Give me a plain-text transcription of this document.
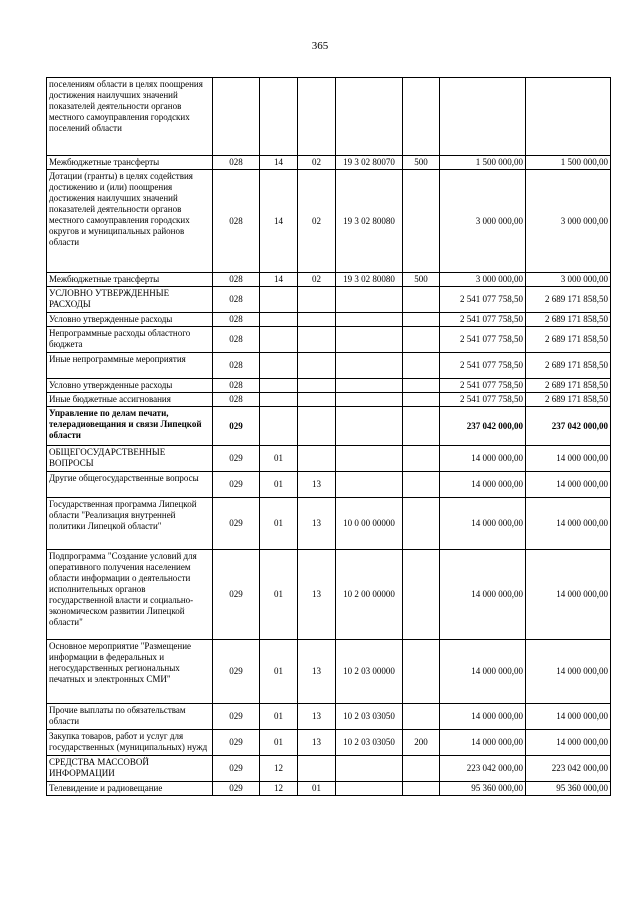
365
поселениям области в целях поощрения достижения наилучших значений показателей деятельности органов местного самоуправления городских поселений области							
Межбюджетные трансферты	028	14	02	19 3 02 80070	500	1 500 000,00	1 500 000,00
Дотации (гранты) в целях содействия достижению и (или) поощрения достижения наилучших значений показателей деятельности органов местного самоуправления городских округов и муниципальных районов области	028	14	02	19 3 02 80080		3 000 000,00	3 000 000,00
Межбюджетные трансферты	028	14	02	19 3 02 80080	500	3 000 000,00	3 000 000,00
УСЛОВНО УТВЕРЖДЕННЫЕ РАСХОДЫ	028					2 541 077 758,50	2 689 171 858,50
Условно утвержденные расходы	028					2 541 077 758,50	2 689 171 858,50
Непрограммные расходы областного бюджета	028					2 541 077 758,50	2 689 171 858,50
Иные непрограммные мероприятия	028					2 541 077 758,50	2 689 171 858,50
Условно утвержденные расходы	028					2 541 077 758,50	2 689 171 858,50
Иные бюджетные ассигнования	028					2 541 077 758,50	2 689 171 858,50
Управление по делам печати, телерадиовещания и связи Липецкой области	029					237 042 000,00	237 042 000,00
ОБЩЕГОСУДАРСТВЕННЫЕ ВОПРОСЫ	029	01				14 000 000,00	14 000 000,00
Другие общегосударственные вопросы	029	01	13			14 000 000,00	14 000 000,00
Государственная программа Липецкой области "Реализация внутренней политики Липецкой области"	029	01	13	10 0 00 00000		14 000 000,00	14 000 000,00
Подпрограмма "Создание условий для оперативного получения населением области информации о деятельности исполнительных органов государственной власти и социально-экономическом развитии Липецкой области"	029	01	13	10 2 00 00000		14 000 000,00	14 000 000,00
Основное мероприятие "Размещение информации в федеральных и негосударственных региональных печатных и электронных СМИ"	029	01	13	10 2 03 00000		14 000 000,00	14 000 000,00
Прочие выплаты по обязательствам области	029	01	13	10 2 03 03050		14 000 000,00	14 000 000,00
Закупка товаров, работ и услуг для государственных (муниципальных) нужд	029	01	13	10 2 03 03050	200	14 000 000,00	14 000 000,00
СРЕДСТВА МАССОВОЙ ИНФОРМАЦИИ	029	12				223 042 000,00	223 042 000,00
Телевидение и радиовещание	029	12	01			95 360 000,00	95 360 000,00
